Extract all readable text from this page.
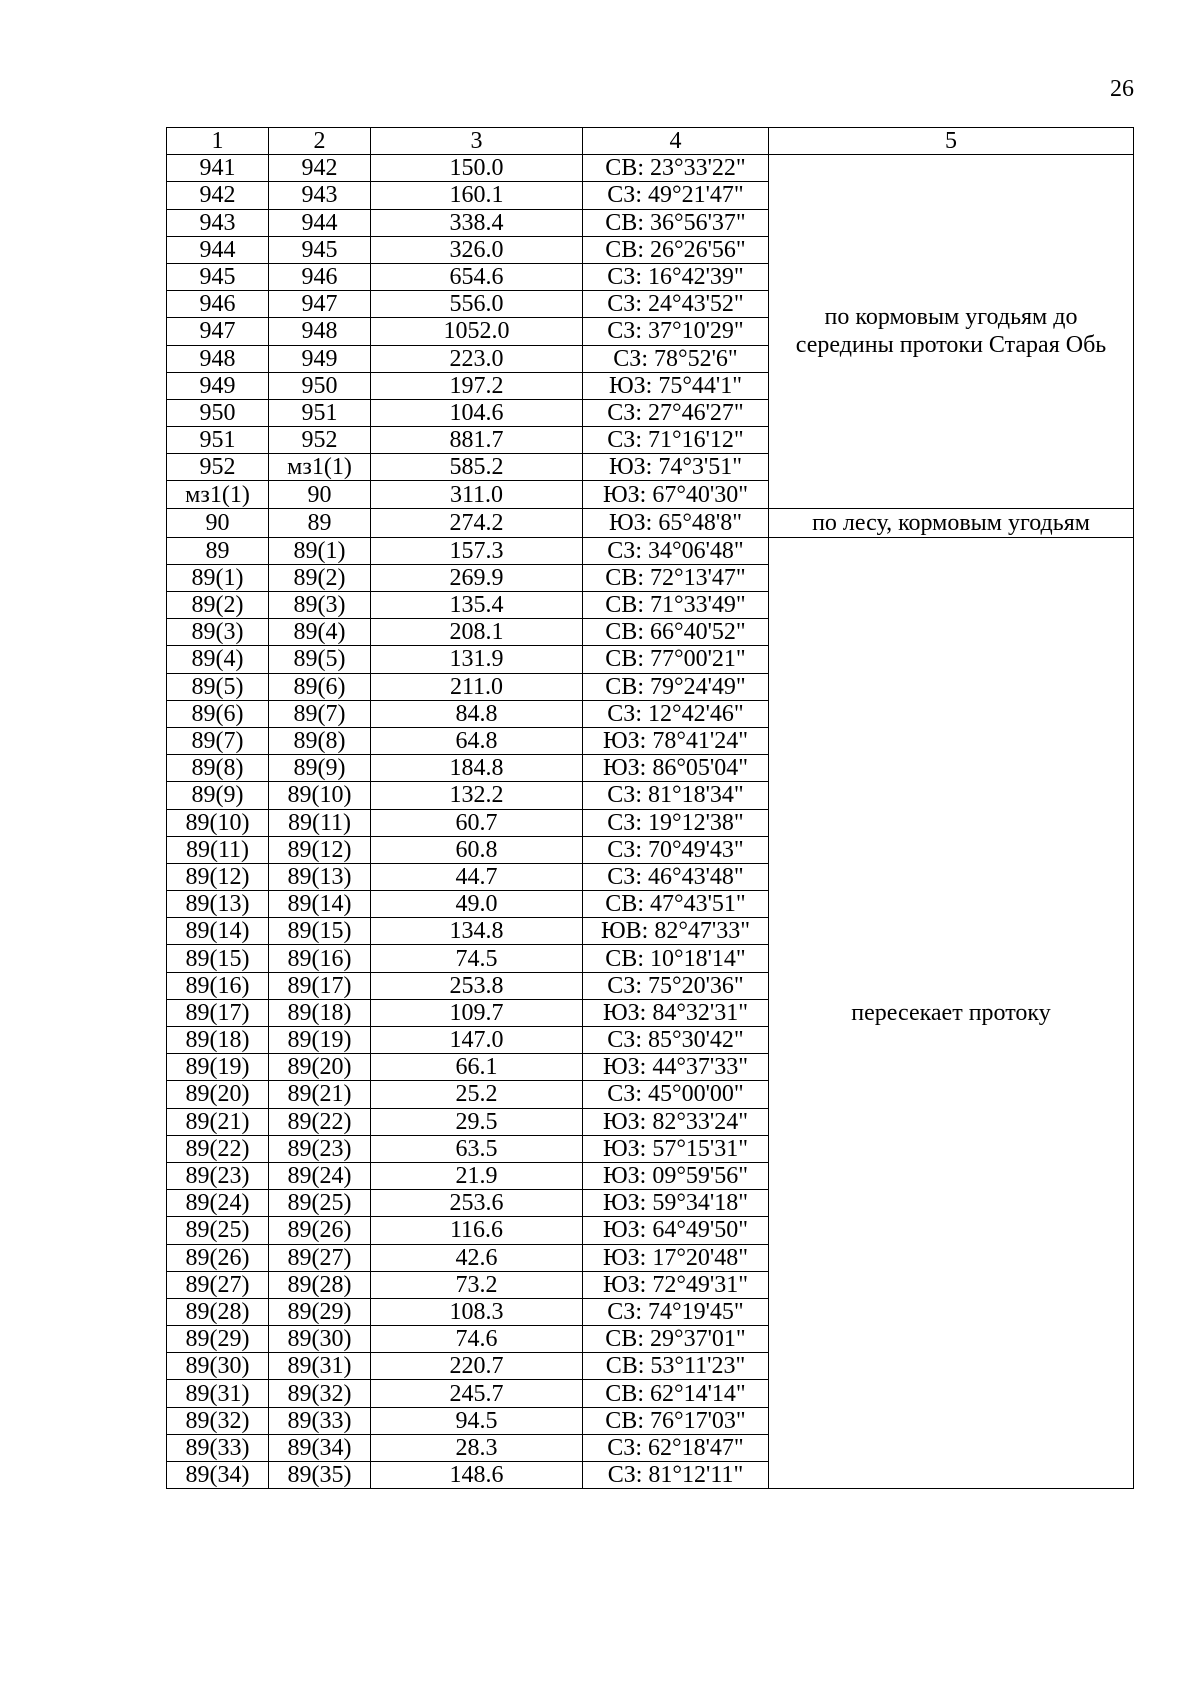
26
1	2	3	4	5
941	942	150.0	СВ: 23°33'22"	по кормовым угодьям до середины протоки Старая Обь
942	943	160.1	СЗ: 49°21'47"	
943	944	338.4	СВ: 36°56'37"	
944	945	326.0	СВ: 26°26'56"	
945	946	654.6	СЗ: 16°42'39"	
946	947	556.0	СЗ: 24°43'52"	
947	948	1052.0	СЗ: 37°10'29"	
948	949	223.0	СЗ: 78°52'6"	
949	950	197.2	ЮЗ: 75°44'1"	
950	951	104.6	СЗ: 27°46'27"	
951	952	881.7	СЗ: 71°16'12"	
952	мз1(1)	585.2	ЮЗ: 74°3'51"	
мз1(1)	90	311.0	ЮЗ: 67°40'30"	
90	89	274.2	ЮЗ: 65°48'8"	по лесу, кормовым угодьям
89	89(1)	157.3	СЗ: 34°06'48"	пересекает протоку
89(1)	89(2)	269.9	СВ: 72°13'47"	
89(2)	89(3)	135.4	СВ: 71°33'49"	
89(3)	89(4)	208.1	СВ: 66°40'52"	
89(4)	89(5)	131.9	СВ: 77°00'21"	
89(5)	89(6)	211.0	СВ: 79°24'49"	
89(6)	89(7)	84.8	СЗ: 12°42'46"	
89(7)	89(8)	64.8	ЮЗ: 78°41'24"	
89(8)	89(9)	184.8	ЮЗ: 86°05'04"	
89(9)	89(10)	132.2	СЗ: 81°18'34"	
89(10)	89(11)	60.7	СЗ: 19°12'38"	
89(11)	89(12)	60.8	СЗ: 70°49'43"	
89(12)	89(13)	44.7	СЗ: 46°43'48"	
89(13)	89(14)	49.0	СВ: 47°43'51"	
89(14)	89(15)	134.8	ЮВ: 82°47'33"	
89(15)	89(16)	74.5	СВ: 10°18'14"	
89(16)	89(17)	253.8	СЗ: 75°20'36"	
89(17)	89(18)	109.7	ЮЗ: 84°32'31"	
89(18)	89(19)	147.0	СЗ: 85°30'42"	
89(19)	89(20)	66.1	ЮЗ: 44°37'33"	
89(20)	89(21)	25.2	СЗ: 45°00'00"	
89(21)	89(22)	29.5	ЮЗ: 82°33'24"	
89(22)	89(23)	63.5	ЮЗ: 57°15'31"	
89(23)	89(24)	21.9	ЮЗ: 09°59'56"	
89(24)	89(25)	253.6	ЮЗ: 59°34'18"	
89(25)	89(26)	116.6	ЮЗ: 64°49'50"	
89(26)	89(27)	42.6	ЮЗ: 17°20'48"	
89(27)	89(28)	73.2	ЮЗ: 72°49'31"	
89(28)	89(29)	108.3	СЗ: 74°19'45"	
89(29)	89(30)	74.6	СВ: 29°37'01"	
89(30)	89(31)	220.7	СВ: 53°11'23"	
89(31)	89(32)	245.7	СВ: 62°14'14"	
89(32)	89(33)	94.5	СВ: 76°17'03"	
89(33)	89(34)	28.3	СЗ: 62°18'47"	
89(34)	89(35)	148.6	СЗ: 81°12'11"	
